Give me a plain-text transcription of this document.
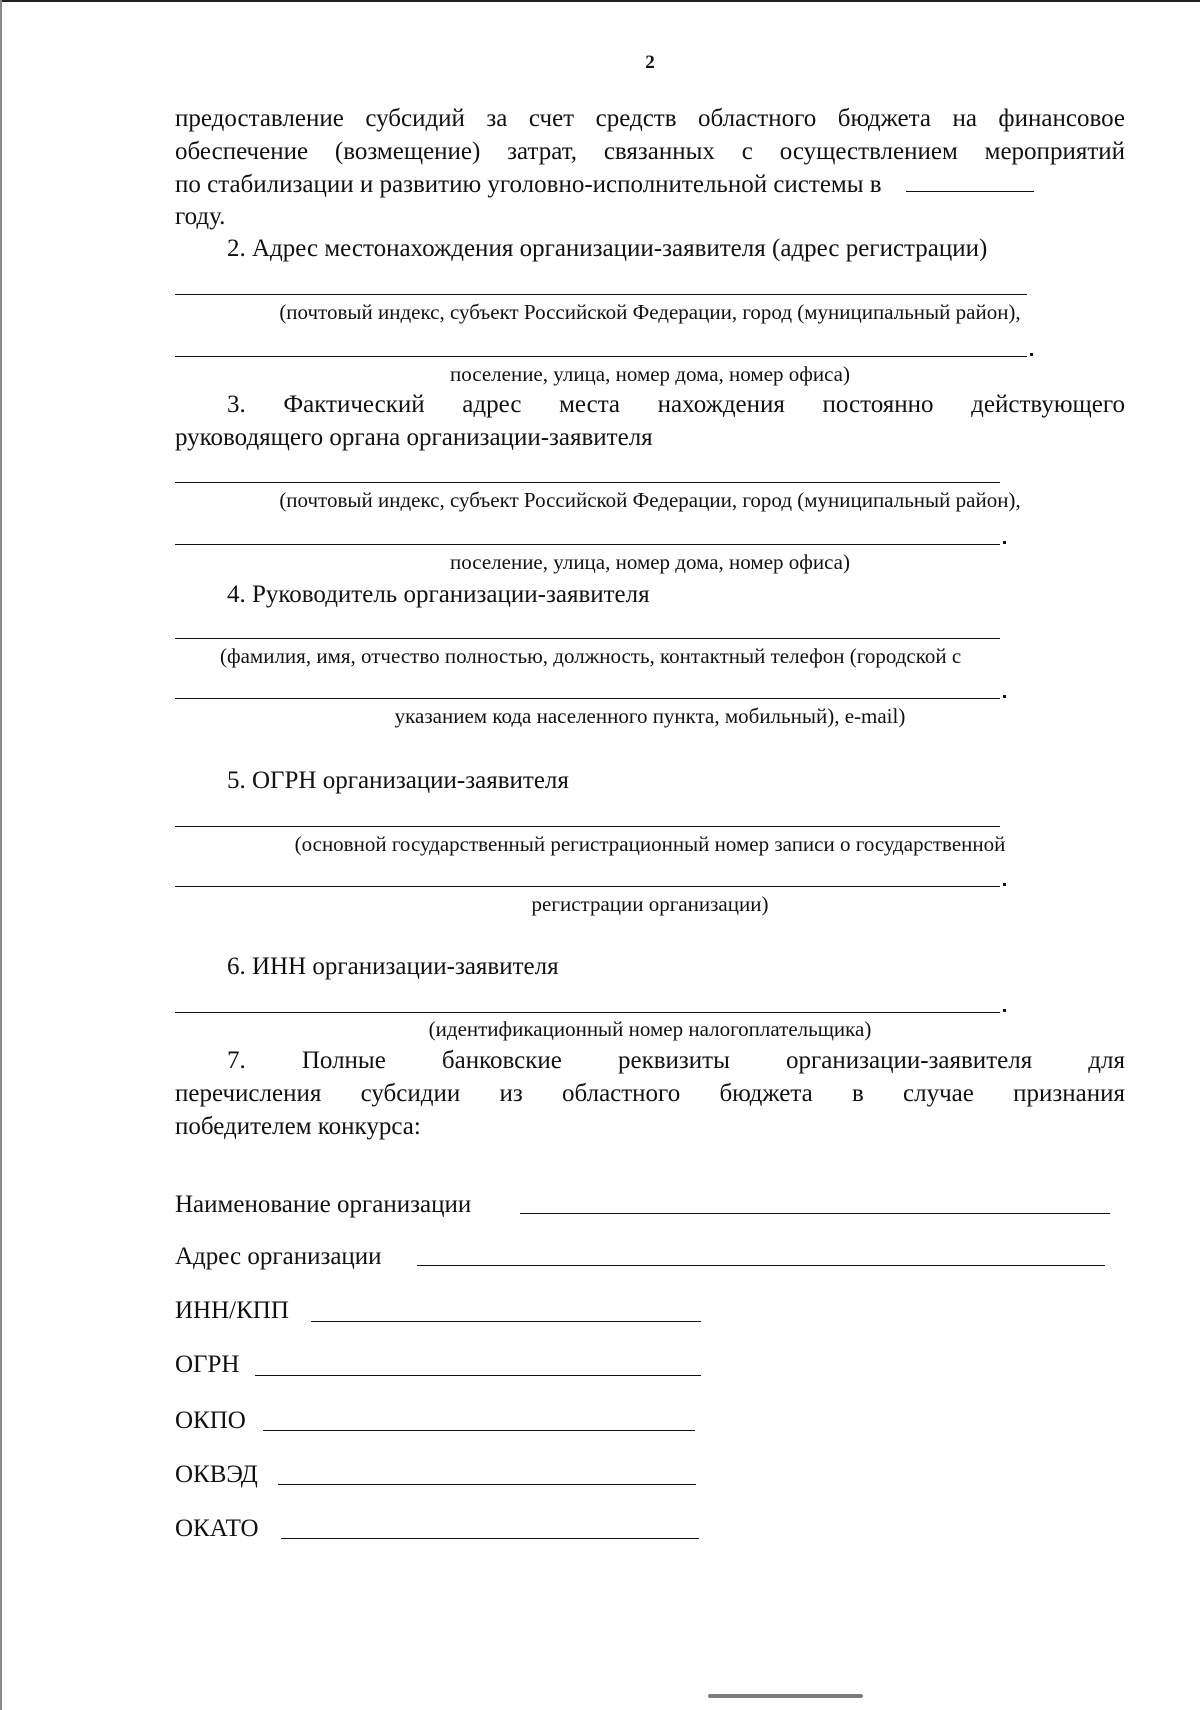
2
предоставление субсидий за счет средств областного бюджета на финансовое
обеспечение (возмещение) затрат, связанных с осуществлением мероприятий
по стабилизации и развитию уголовно-исполнительной системы в
году.
2. Адрес местонахождения организации-заявителя (адрес регистрации)
(почтовый индекс, субъект Российской Федерации, город (муниципальный район),
поселение, улица, номер дома, номер офиса)
3. Фактический адрес места нахождения постоянно действующего
руководящего органа организации-заявителя
(почтовый индекс, субъект Российской Федерации, город (муниципальный район),
поселение, улица, номер дома, номер офиса)
4. Руководитель организации-заявителя
(фамилия, имя, отчество полностью, должность, контактный телефон (городской с
указанием кода населенного пункта, мобильный), e-mail)
5. ОГРН организации-заявителя
(основной государственный регистрационный номер записи о государственной
регистрации организации)
6. ИНН организации-заявителя
(идентификационный номер налогоплательщика)
7. Полные банковские реквизиты организации-заявителя для
перечисления субсидии из областного бюджета в случае признания
победителем конкурса:
Наименование организации
Адрес организации
ИНН/КПП
ОГРН
ОКПО
ОКВЭД
ОКАТО
